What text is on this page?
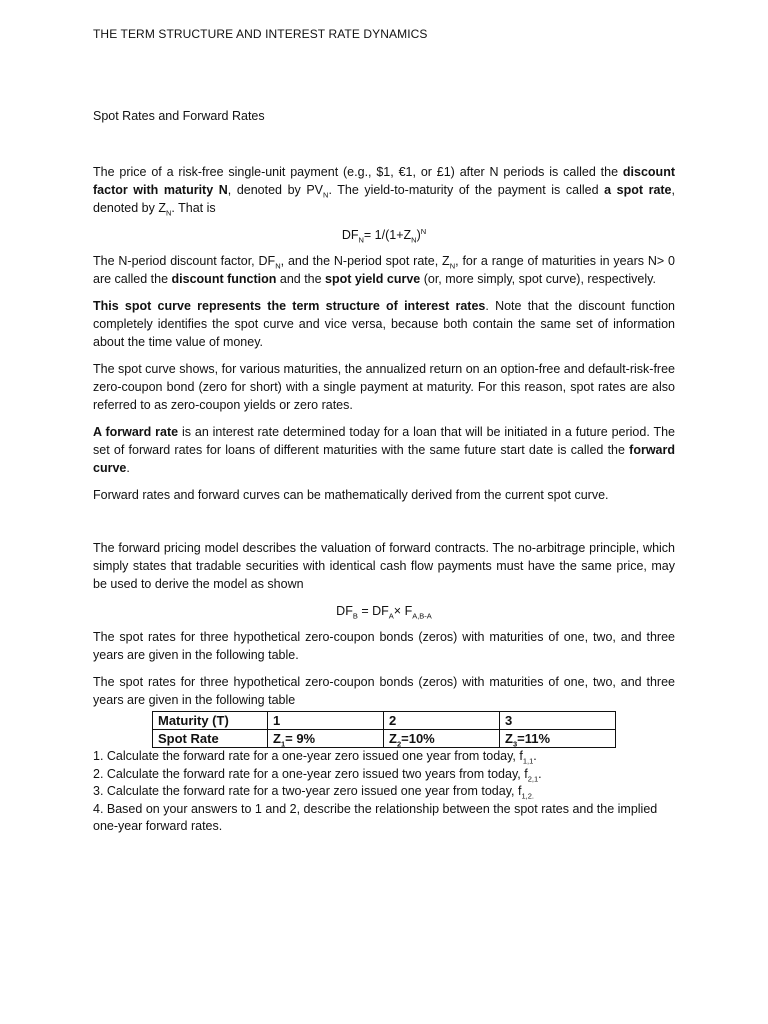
THE TERM STRUCTURE AND INTEREST RATE DYNAMICS
Spot Rates and Forward Rates

The price of a risk-free single-unit payment (e.g., $1, €1, or £1) after N periods is called the discount factor with maturity N, denoted by $PV_N$. The yield-to-maturity of the payment is called a spot rate, denoted by $Z_N$. That is

$DF_N= 1/(1+Z_N)^N$

The N-period discount factor, $DF_N$, and the N-period spot rate, $Z_N$, for a range of maturities in years N> 0 are called the discount function and the spot yield curve (or, more simply, spot curve), respectively.

This spot curve represents the term structure of interest rates. Note that the discount function completely identifies the spot curve and vice versa, because both contain the same set of information about the time value of money.

The spot curve shows, for various maturities, the annualized return on an option-free and default-risk-free zero-coupon bond (zero for short) with a single payment at maturity. For this reason, spot rates are also referred to as zero-coupon yields or zero rates.

A forward rate is an interest rate determined today for a loan that will be initiated in a future period. The set of forward rates for loans of different maturities with the same future start date is called the forward curve.

Forward rates and forward curves can be mathematically derived from the current spot curve.

The forward pricing model describes the valuation of forward contracts. The no-arbitrage principle, which simply states that tradable securities with identical cash flow payments must have the same price, may be used to derive the model as shown

$DF_B = DF_A\times F_{A,B-A}$

The spot rates for three hypothetical zero-coupon bonds (zeros) with maturities of one, two, and three years are given in the following table.

The spot rates for three hypothetical zero-coupon bonds (zeros) with maturities of one, two, and three years are given in the following table

Maturity (T)	1	2	3
Spot Rate	$Z_1= 9\%$	$Z_2=10\%$	$Z_3=11\%$

1. Calculate the forward rate for a one-year zero issued one year from today, $f_{1,1}$.

2. Calculate the forward rate for a one-year zero issued two years from today, $f_{2,1}$.

3. Calculate the forward rate for a two-year zero issued one year from today, $f_{1,2.}$

4. Based on your answers to 1 and 2, describe the relationship between the spot rates and the implied one-year forward rates.
